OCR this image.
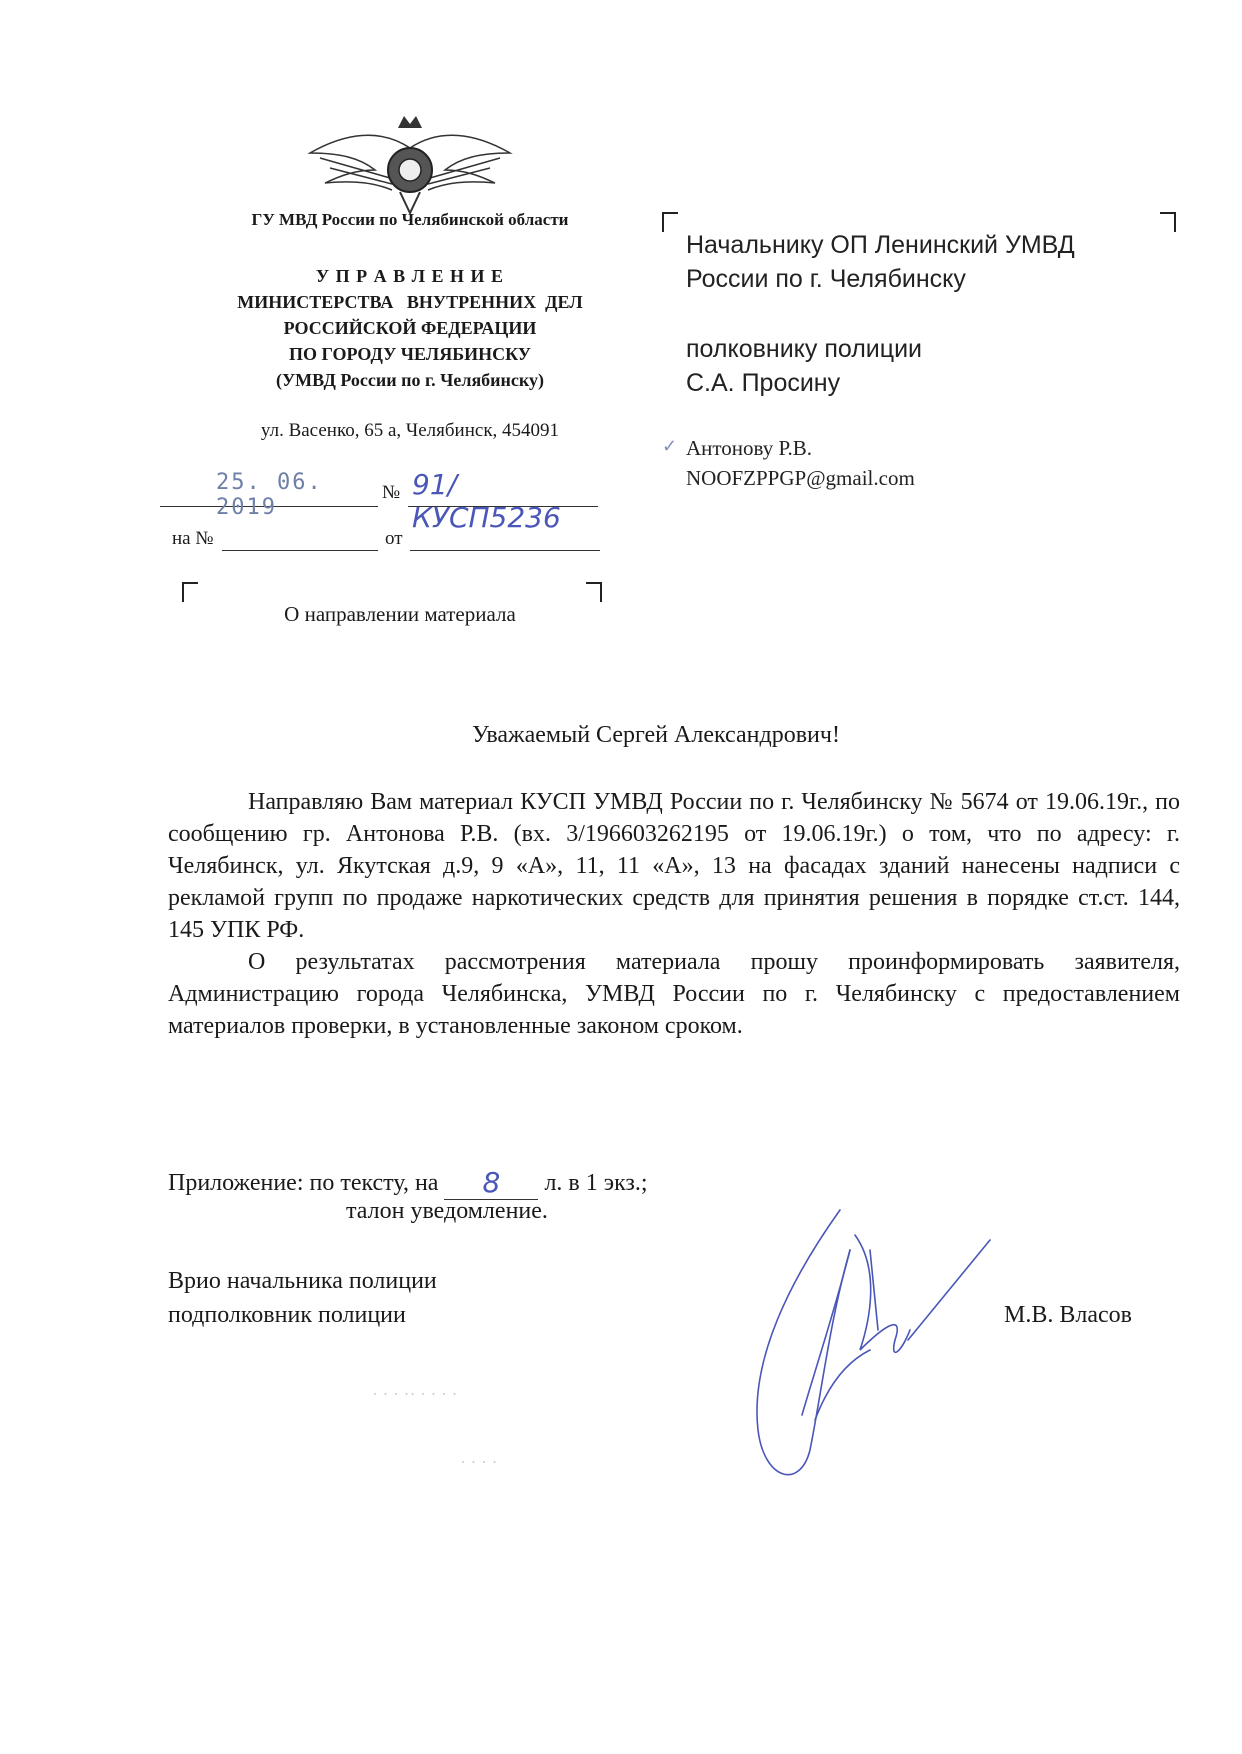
ГУ МВД России по Челябинской области
У П Р А В Л Е Н И Е
МИНИСТЕРСТВА   ВНУТРЕННИХ  ДЕЛ
РОССИЙСКОЙ ФЕДЕРАЦИИ
ПО ГОРОДУ ЧЕЛЯБИНСКУ
(УМВД России по г. Челябинску)
ул. Васенко, 65 а, Челябинск, 454091
25. 06. 2019
№ 91/КУСП5236
на №	от
О направлении материала
Начальнику ОП Ленинский УМВД
России по г. Челябинску
полковнику полиции
С.А. Просину
✓ Антонову Р.В.
NOOFZPPGP@gmail.com
Уважаемый Сергей Александрович!

Направляю Вам материал КУСП УМВД России по г. Челябинску № 5674 от 19.06.19г., по сообщению гр. Антонова Р.В. (вх. 3/196603262195 от 19.06.19г.) о том, что по адресу: г. Челябинск, ул. Якутская д.9, 9 «А», 11, 11 «А», 13 на фасадах зданий нанесены надписи с рекламой групп по продаже наркотических средств для принятия решения в порядке ст.ст. 144, 145 УПК РФ.

О результатах рассмотрения материала прошу проинформировать заявителя, Администрацию города Челябинска, УМВД России по г. Челябинску с предоставлением материалов проверки, в установленные законом сроком.

Приложение: по тексту, на 8 л. в 1 экз.;
талон уведомление.
Врио начальника полиции
подполковник полиции	М.В. Власов
· · · ·· · · · ·
· · · ·
